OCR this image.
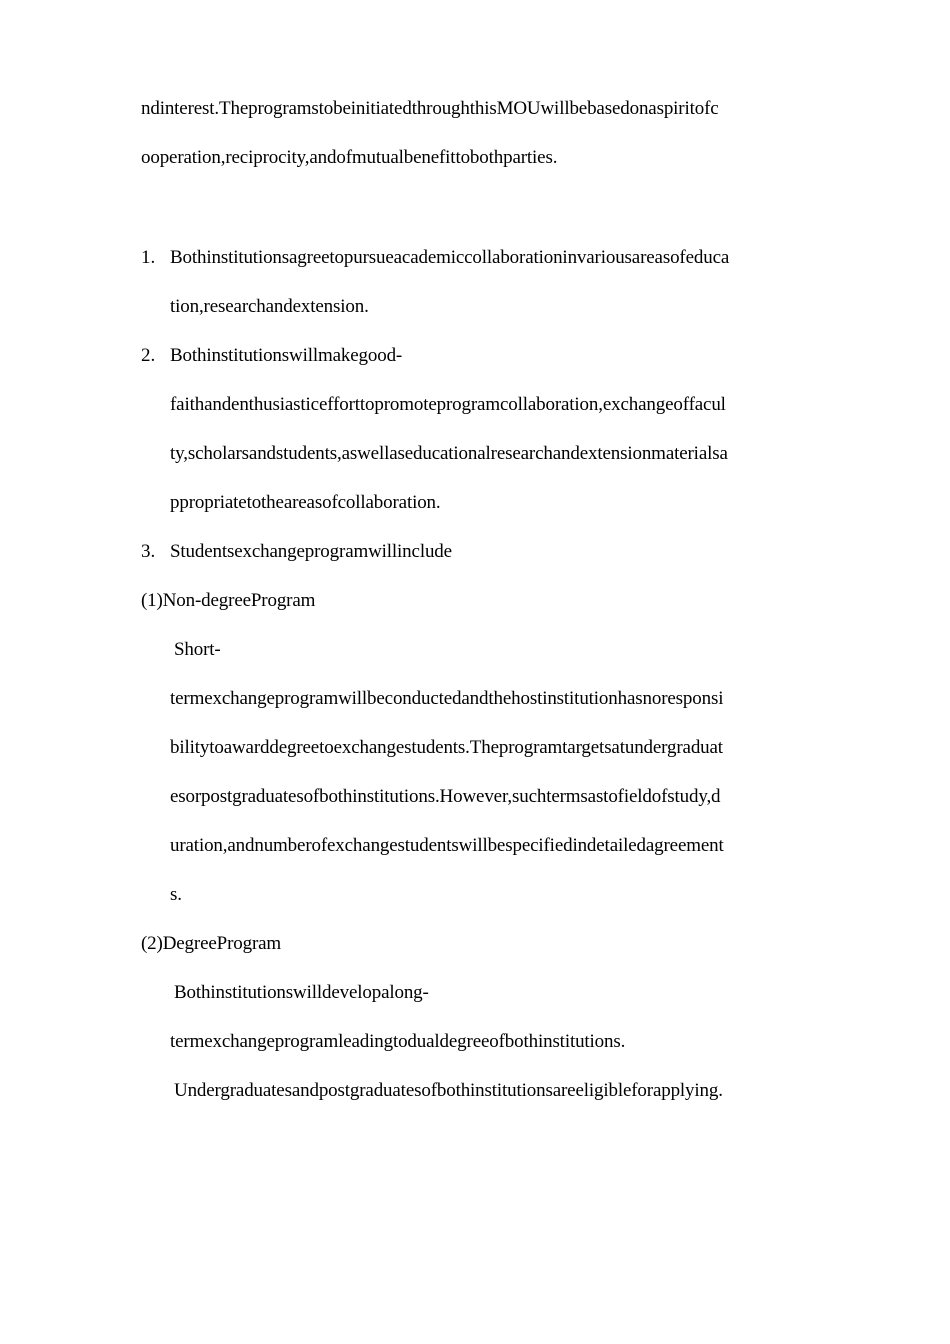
ndinterest.TheprogramstobeinitiatedthroughthisMOUwillbebasedonaspiritofc
ooperation,reciprocity,andofmutualbenefittobothparties.
1. Bothinstitutionsagreetopursueacademiccollaborationinvariousareasofeduca
tion,researchandextension.
2. Bothinstitutionswillmakegood-
faithandenthusiasticefforttopromoteprogramcollaboration,exchangeoffacul
ty,scholarsandstudents,aswellaseducationalresearchandextensionmaterialsa
ppropriatetotheareasofcollaboration.
3. Studentsexchangeprogramwillinclude
(1)Non-degreeProgram
Short-
termexchangeprogramwillbeconductedandthehostinstitutionhasnoresponsi
bilitytoawarddegreetoexchangestudents.Theprogramtargetsatundergraduat
esorpostgraduatesofbothinstitutions.However,suchtermsastofieldofstudy,d
uration,andnumberofexchangestudentswillbespecifiedindetailedagreement
s.
(2)DegreeProgram
Bothinstitutionswilldevelopalong-
termexchangeprogramleadingtodualdegreeofbothinstitutions.
Undergraduatesandpostgraduatesofbothinstitutionsareeligibleforapplying.
